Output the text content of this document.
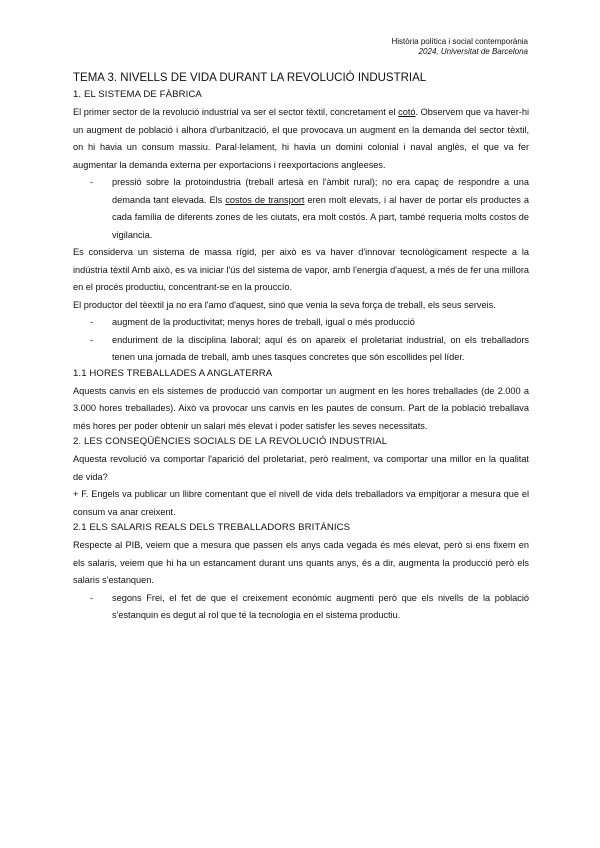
Història política i social contemporània
2024, Universitat de Barcelona
TEMA 3. NIVELLS DE VIDA DURANT LA REVOLUCIÓ INDUSTRIAL
1. EL SISTEMA DE FÀBRICA

El primer sector de la revolució industrial va ser el sector tèxtil, concretament el cotó. Observem que va haver-hi un augment de població i alhora d'urbanització, el que provocava un augment en la demanda del sector tèxtil, on hi havia un consum massiu. Paral·lelament, hi havia un domini colonial i naval anglès, el que va fer augmentar la demanda externa per exportacions i reexportacions angleeses.

- pressió sobre la protoindustria (treball artesà en l'àmbit rural); no era capaç de respondre a una demanda tant elevada. Els costos de transport eren molt elevats, i al haver de portar els productes a cada família de diferents zones de les ciutats, era molt costós. A part, també requeria molts costos de vigilancia.

Es considerva un sistema de massa rígid, per això es va haver d'innovar tecnològicament respecte a la indústria tèxtil Amb això, es va iniciar l'ús del sistema de vapor, amb l'energia d'aquest, a més de fer una millora en el procés productiu, concentrant-se en la prouccío.

El productor del tèextil ja no era l'amo d'aquest, sinó que venia la seva força de treball, els seus serveis.

- augment de la productivitat; menys hores de treball, igual o més producció
- enduriment de la disciplina laboral; aquí és on apareix el proletariat industrial, on els treballadors tenen una jornada de treball, amb unes tasques concretes que són escollides pel líder.
1.1 HORES TREBALLADES A ANGLATERRA

Aquests canvis en els sistemes de producció van comportar un augment en les hores treballades (de 2.000 a 3.000 hores treballades). Això va provocar uns canvis en les pautes de consum. Part de la població treballava més hores per poder obtenir un salari més elevat i poder satisfer les seves necessitats.

2. LES CONSEQÜÈNCIES SOCIALS DE LA REVOLUCIÓ INDUSTRIAL

Aquesta revolució va comportar l'aparició del proletariat, però realment, va comportar una millor en la qualitat de vida?

+ F. Engels va publicar un llibre comentant que el nivell de vida dels treballadors va empitjorar a mesura que el consum va anar creixent.

2.1 ELS SALARIS REALS DELS TREBALLADORS BRITÀNICS

Respecte al PIB, veiem que a mesura que passen els anys cada vegada és més elevat, però si ens fixem en els salaris, veiem que hi ha un estancament durant uns quants anys, és a dir, augmenta la producció però els salaris s'estanquen.

- segons Frei, el fet de que el creixement econòmic augmenti però que els nivells de la població s'estanquin es degut al rol que té la tecnologia en el sistema productiu.
